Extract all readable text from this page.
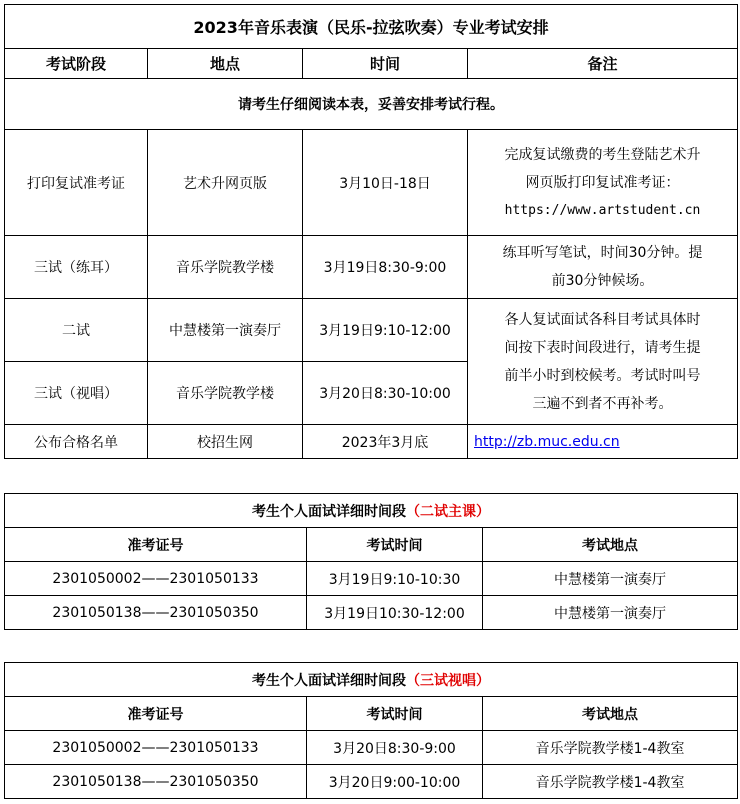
2023年音乐表演（民乐-拉弦吹奏）专业考试安排			
考试阶段	地点	时间	备注
请考生仔细阅读本表，妥善安排考试行程。			
打印复试准考证	艺术升网页版	3月10日-18日	完成复试缴费的考生登陆艺术升
网页版打印复试准考证：
https://www.artstudent.cn

三试（练耳）	音乐学院教学楼	3月19日8:30-9:00	练耳听写笔试，时间30分钟。提
前30分钟候场。

二试	中慧楼第一演奏厅	3月19日9:10-12:00	各人复试面试各科目考试具体时
间按下表时间段进行，请考生提
前半小时到校候考。考试时叫号
三遍不到者不再补考。

三试（视唱）	音乐学院教学楼	3月20日8:30-10:00	
公布合格名单	校招生网	2023年3月底	http://zb.muc.edu.cn
考生个人面试详细时间段（二试主课）		
准考证号	考试时间	考试地点
2301050002——2301050133	3月19日9:10-10:30	中慧楼第一演奏厅
2301050138——2301050350	3月19日10:30-12:00	中慧楼第一演奏厅
考生个人面试详细时间段（三试视唱）		
准考证号	考试时间	考试地点
2301050002——2301050133	3月20日8:30-9:00	音乐学院教学楼1-4教室
2301050138——2301050350	3月20日9:00-10:00	音乐学院教学楼1-4教室
